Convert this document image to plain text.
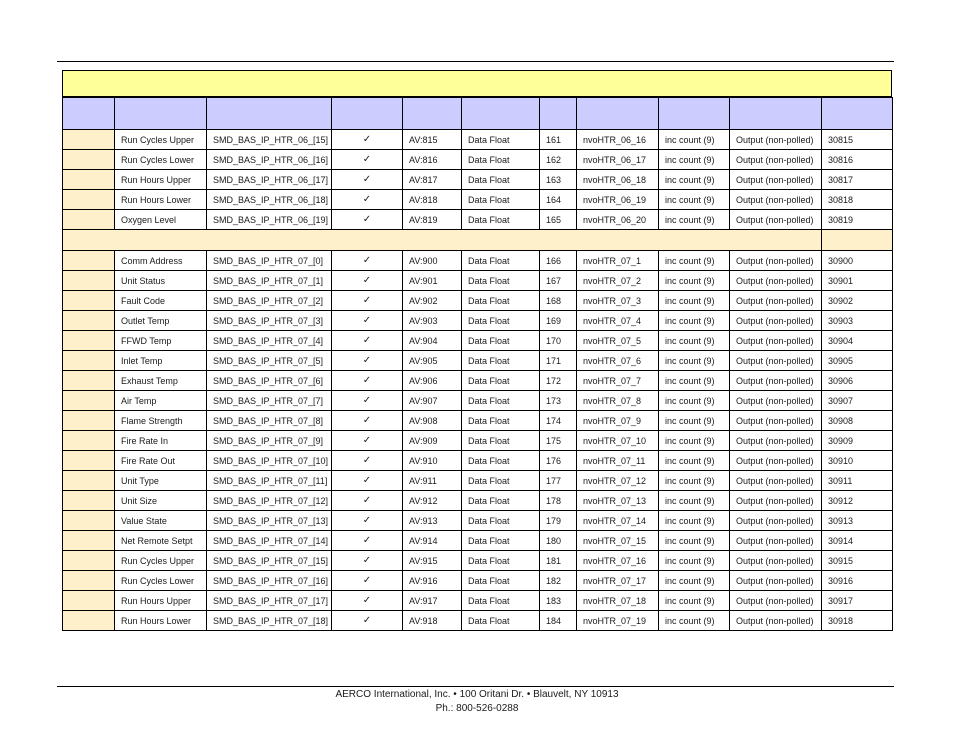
	Run Cycles Upper	SMD_BAS_IP_HTR_06_[15]	✓	AV:815	Data Float	161	nvoHTR_06_16	inc count (9)	Output (non-polled)	30815
	Run Cycles Lower	SMD_BAS_IP_HTR_06_[16]	✓	AV:816	Data Float	162	nvoHTR_06_17	inc count (9)	Output (non-polled)	30816
	Run Hours Upper	SMD_BAS_IP_HTR_06_[17]	✓	AV:817	Data Float	163	nvoHTR_06_18	inc count (9)	Output (non-polled)	30817
	Run Hours Lower	SMD_BAS_IP_HTR_06_[18]	✓	AV:818	Data Float	164	nvoHTR_06_19	inc count (9)	Output (non-polled)	30818
	Oxygen Level	SMD_BAS_IP_HTR_06_[19]	✓	AV:819	Data Float	165	nvoHTR_06_20	inc count (9)	Output (non-polled)	30819

	Comm Address	SMD_BAS_IP_HTR_07_[0]	✓	AV:900	Data Float	166	nvoHTR_07_1	inc count (9)	Output (non-polled)	30900
	Unit Status	SMD_BAS_IP_HTR_07_[1]	✓	AV:901	Data Float	167	nvoHTR_07_2	inc count (9)	Output (non-polled)	30901
	Fault Code	SMD_BAS_IP_HTR_07_[2]	✓	AV:902	Data Float	168	nvoHTR_07_3	inc count (9)	Output (non-polled)	30902
	Outlet Temp	SMD_BAS_IP_HTR_07_[3]	✓	AV:903	Data Float	169	nvoHTR_07_4	inc count (9)	Output (non-polled)	30903
	FFWD Temp	SMD_BAS_IP_HTR_07_[4]	✓	AV:904	Data Float	170	nvoHTR_07_5	inc count (9)	Output (non-polled)	30904
	Inlet Temp	SMD_BAS_IP_HTR_07_[5]	✓	AV:905	Data Float	171	nvoHTR_07_6	inc count (9)	Output (non-polled)	30905
	Exhaust Temp	SMD_BAS_IP_HTR_07_[6]	✓	AV:906	Data Float	172	nvoHTR_07_7	inc count (9)	Output (non-polled)	30906
	Air Temp	SMD_BAS_IP_HTR_07_[7]	✓	AV:907	Data Float	173	nvoHTR_07_8	inc count (9)	Output (non-polled)	30907
	Flame Strength	SMD_BAS_IP_HTR_07_[8]	✓	AV:908	Data Float	174	nvoHTR_07_9	inc count (9)	Output (non-polled)	30908
	Fire Rate In	SMD_BAS_IP_HTR_07_[9]	✓	AV:909	Data Float	175	nvoHTR_07_10	inc count (9)	Output (non-polled)	30909
	Fire Rate Out	SMD_BAS_IP_HTR_07_[10]	✓	AV:910	Data Float	176	nvoHTR_07_11	inc count (9)	Output (non-polled)	30910
	Unit Type	SMD_BAS_IP_HTR_07_[11]	✓	AV:911	Data Float	177	nvoHTR_07_12	inc count (9)	Output (non-polled)	30911
	Unit Size	SMD_BAS_IP_HTR_07_[12]	✓	AV:912	Data Float	178	nvoHTR_07_13	inc count (9)	Output (non-polled)	30912
	Value State	SMD_BAS_IP_HTR_07_[13]	✓	AV:913	Data Float	179	nvoHTR_07_14	inc count (9)	Output (non-polled)	30913
	Net Remote Setpt	SMD_BAS_IP_HTR_07_[14]	✓	AV:914	Data Float	180	nvoHTR_07_15	inc count (9)	Output (non-polled)	30914
	Run Cycles Upper	SMD_BAS_IP_HTR_07_[15]	✓	AV:915	Data Float	181	nvoHTR_07_16	inc count (9)	Output (non-polled)	30915
	Run Cycles Lower	SMD_BAS_IP_HTR_07_[16]	✓	AV:916	Data Float	182	nvoHTR_07_17	inc count (9)	Output (non-polled)	30916
	Run Hours Upper	SMD_BAS_IP_HTR_07_[17]	✓	AV:917	Data Float	183	nvoHTR_07_18	inc count (9)	Output (non-polled)	30917
	Run Hours Lower	SMD_BAS_IP_HTR_07_[18]	✓	AV:918	Data Float	184	nvoHTR_07_19	inc count (9)	Output (non-polled)	30918
AERCO International, Inc. • 100 Oritani Dr. • Blauvelt, NY 10913
Ph.: 800-526-0288
